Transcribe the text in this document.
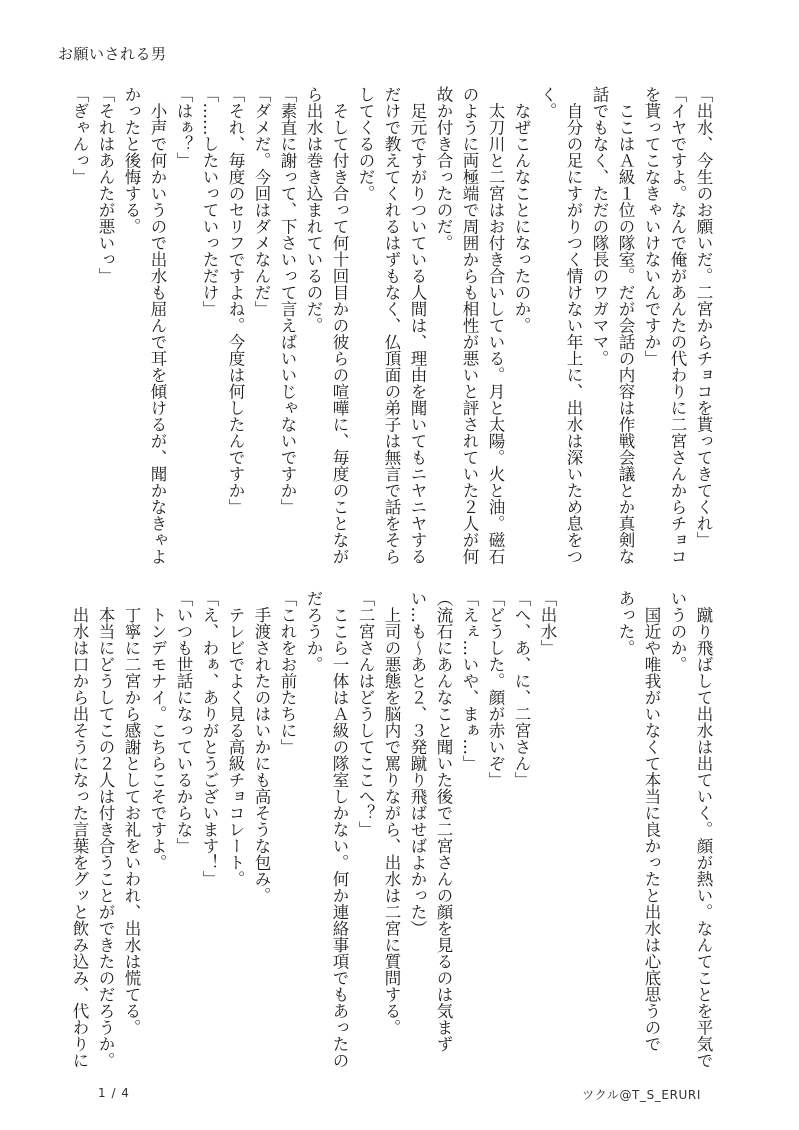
お願いされる男
「出水、今生のお願いだ。二宮からチョコを貰ってきてくれ」
「イヤですよ。なんで俺があんたの代わりに二宮さんからチョコ
を貰ってこなきゃいけないんですか」
　ここはＡ級１位の隊室。だが会話の内容は作戦会議とか真剣な
話でもなく、ただの隊長のワガママ。
　自分の足にすがりつく情けない年上に、出水は深いため息をつ
く。
　なぜこんなことになったのか。
　太刀川と二宮はお付き合いしている。月と太陽。火と油。磁石
のように両極端で周囲からも相性が悪いと評されていた２人が何
故か付き合ったのだ。
　足元ですがりついている人間は、理由を聞いてもニヤニヤする
だけで教えてくれるはずもなく、仏頂面の弟子は無言で話をそら
してくるのだ。
　そして付き合って何十回目かの彼らの喧嘩に、毎度のことなが
ら出水は巻き込まれているのだ。
「素直に謝って、下さいって言えばいいじゃないですか」
「ダメだ。今回はダメなんだ」
「それ、毎度のセリフですよね。今度は何したんですか」
「……したいっていっただけ」
「はぁ？」
　小声で何かいうので出水も屈んで耳を傾けるが、聞かなきゃよ
かったと後悔する。
「それはあんたが悪いっ」
「ぎゃんっ」
　蹴り飛ばして出水は出ていく。顔が熱い。なんてことを平気で
いうのか。
　国近や唯我がいなくて本当に良かったと出水は心底思うので
あった。
「出水」
「へ、あ、に、二宮さん」
「どうした。顔が赤いぞ」
「えぇ…いや、まぁ…」
（流石にあんなこと聞いた後で二宮さんの顔を見るのは気まず
い…も～あと２、３発蹴り飛ばせばよかった）
　上司の悪態を脳内で罵りながら、出水は二宮に質問する。
「二宮さんはどうしてここへ？」
　ここら一体はＡ級の隊室しかない。何か連絡事項でもあったの
だろうか。
「これをお前たちに」
　手渡されたのはいかにも高そうな包み。
　テレビでよく見る高級チョコレート。
「え、わぁ、ありがとうございます！」
「いつも世話になっているからな」
　トンデモナイ。こちらこそですよ。
　丁寧に二宮から感謝としてお礼をいわれ、出水は慌てる。
　本当にどうしてこの２人は付き合うことができたのだろうか。
　出水は口から出そうになった言葉をグッと飲み込み、代わりに
1 / 4	ツクル@T_S_ERURI
